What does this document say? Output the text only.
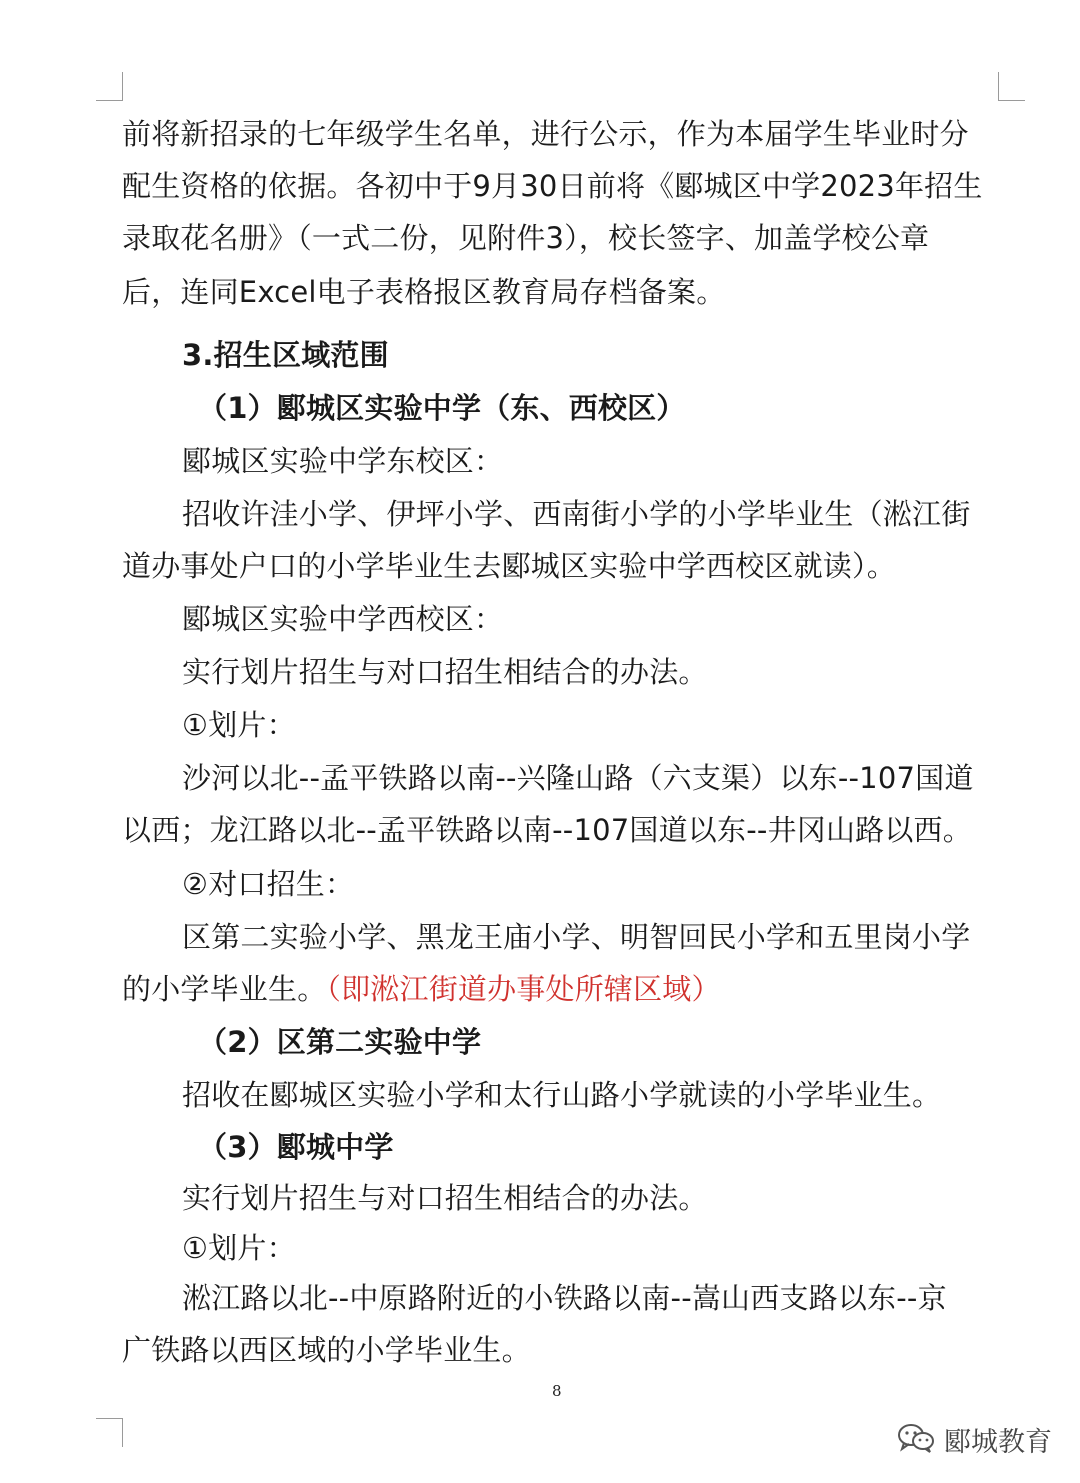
前将新招录的七年级学生名单，进行公示，作为本届学生毕业时分
配生资格的依据。各初中于9月30日前将《郾城区中学2023年招生
录取花名册》（一式二份，见附件3），校长签字、加盖学校公章
后，连同Excel电子表格报区教育局存档备案。
3.招生区域范围
（1）郾城区实验中学（东、西校区）
郾城区实验中学东校区：
招收许洼小学、伊坪小学、西南街小学的小学毕业生（淞江街
道办事处户口的小学毕业生去郾城区实验中学西校区就读）。
郾城区实验中学西校区：
实行划片招生与对口招生相结合的办法。
①划片：
沙河以北--孟平铁路以南--兴隆山路（六支渠）以东--107国道
以西；龙江路以北--孟平铁路以南--107国道以东--井冈山路以西。
②对口招生：
区第二实验小学、黑龙王庙小学、明智回民小学和五里岗小学
的小学毕业生。（即淞江街道办事处所辖区域）
（2）区第二实验中学
招收在郾城区实验小学和太行山路小学就读的小学毕业生。
（3）郾城中学
实行划片招生与对口招生相结合的办法。
①划片：
淞江路以北--中原路附近的小铁路以南--嵩山西支路以东--京
广铁路以西区域的小学毕业生。
8
郾城教育
